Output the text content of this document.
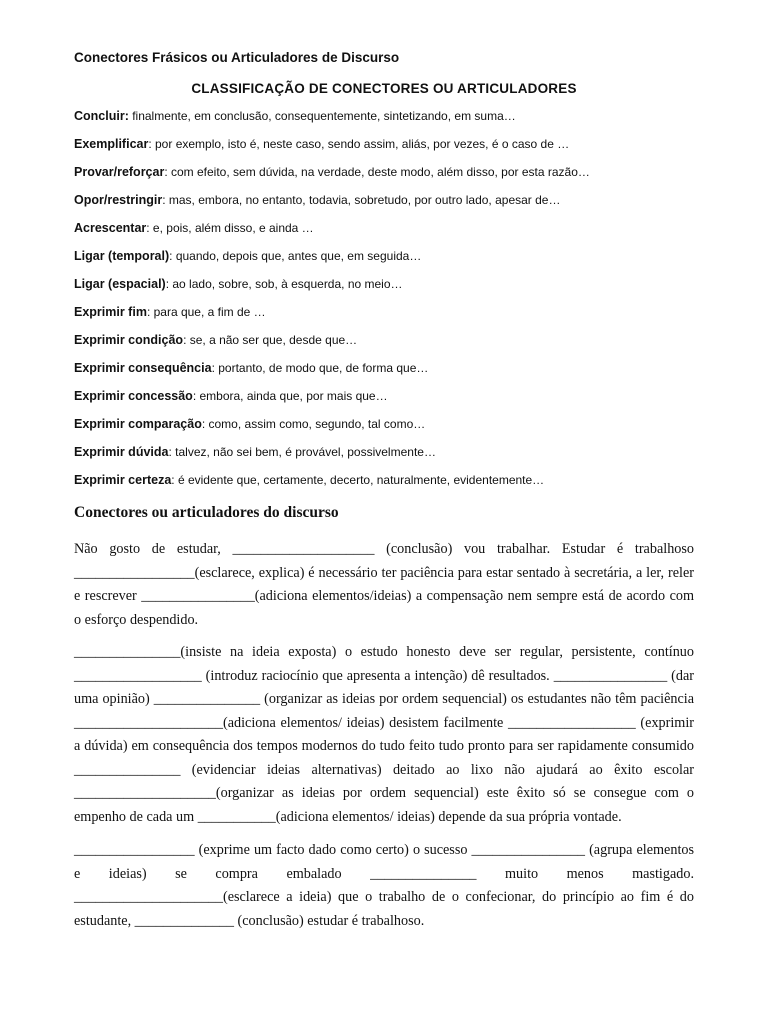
Conectores Frásicos ou Articuladores de Discurso
CLASSIFICAÇÃO DE CONECTORES OU ARTICULADORES
Concluir: finalmente, em conclusão, consequentemente, sintetizando, em suma…
Exemplificar: por exemplo, isto é, neste caso, sendo assim, aliás, por vezes, é o caso de …
Provar/reforçar: com efeito, sem dúvida, na verdade, deste modo, além disso, por esta razão…
Opor/restringir: mas, embora, no entanto, todavia, sobretudo, por outro lado, apesar de…
Acrescentar: e, pois, além disso, e ainda …
Ligar (temporal): quando, depois que, antes que, em seguida…
Ligar (espacial): ao lado, sobre, sob, à esquerda, no meio…
Exprimir fim: para que, a fim de …
Exprimir condição: se, a não ser que, desde que…
Exprimir consequência: portanto, de modo que, de forma que…
Exprimir concessão: embora, ainda que, por mais que…
Exprimir comparação: como, assim como, segundo, tal como…
Exprimir dúvida: talvez, não sei bem, é provável, possivelmente…
Exprimir certeza: é evidente que, certamente, decerto, naturalmente, evidentemente…
Conectores ou articuladores do discurso

Não gosto de estudar, ____________________ (conclusão) vou trabalhar. Estudar é trabalhoso _________________(esclarece, explica) é necessário ter paciência para estar sentado à secretária, a ler, reler e rescrever ________________(adiciona elementos/ideias) a compensação nem sempre está de acordo com o esforço despendido.

_______________(insiste na ideia exposta) o estudo honesto deve ser regular, persistente, contínuo __________________ (introduz raciocínio que apresenta a intenção) dê resultados. ________________ (dar uma opinião) _______________ (organizar as ideias por ordem sequencial) os estudantes não têm paciência _____________________(adiciona elementos/ ideias) desistem facilmente __________________ (exprimir a dúvida) em consequência dos tempos modernos do tudo feito tudo pronto para ser rapidamente consumido _______________ (evidenciar ideias alternativas) deitado ao lixo não ajudará ao êxito escolar ____________________(organizar as ideias por ordem sequencial) este êxito só se consegue com o empenho de cada um ___________(adiciona elementos/ ideias) depende da sua própria vontade.

_________________ (exprime um facto dado como certo) o sucesso ________________ (agrupa elementos e ideias) se compra embalado _______________ muito menos mastigado. _____________________(esclarece a ideia) que o trabalho de o confecionar, do princípio ao fim é do estudante, ______________ (conclusão) estudar é trabalhoso.
